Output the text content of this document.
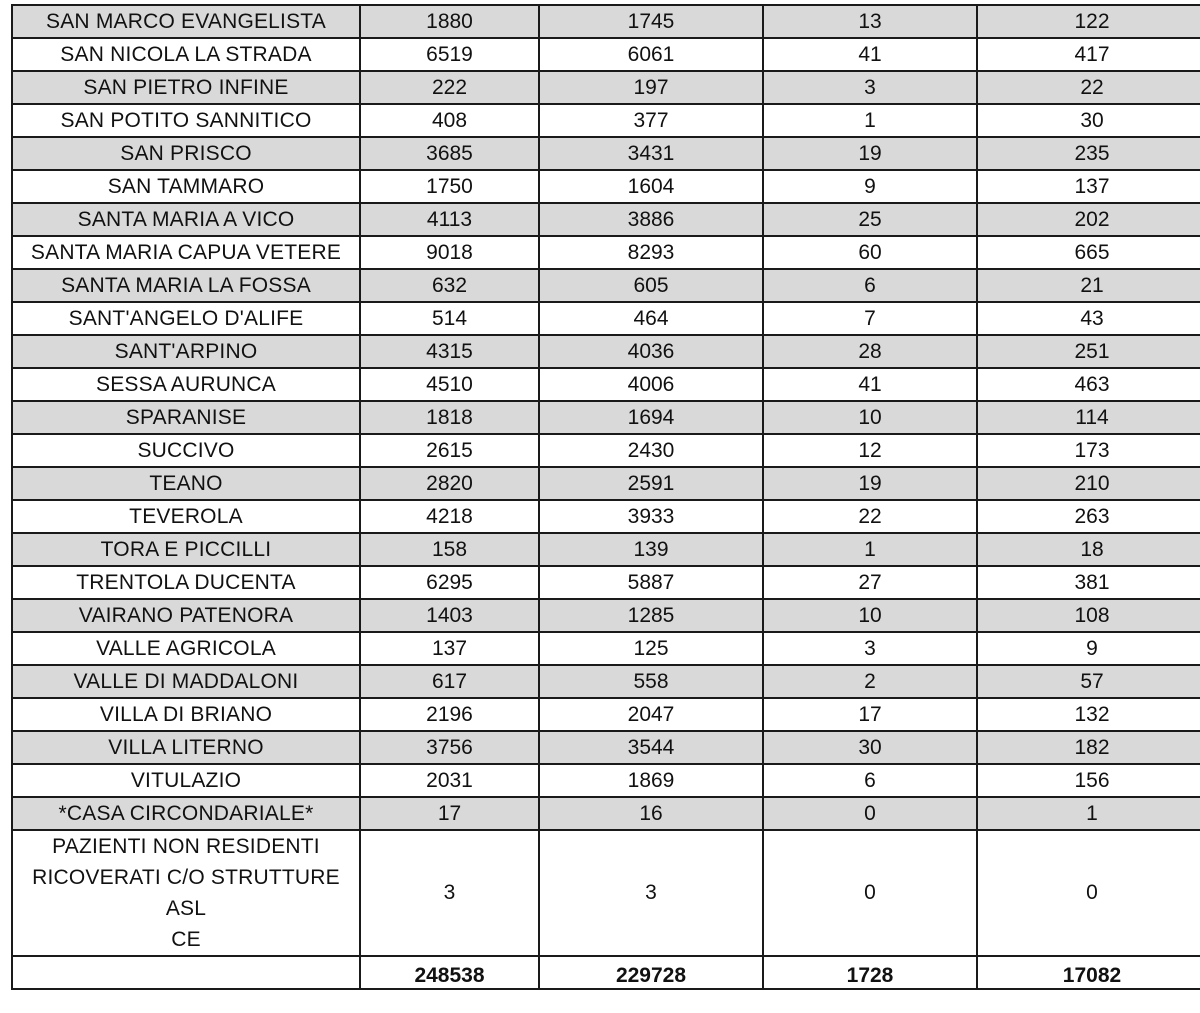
SAN MARCO EVANGELISTA	1880	1745	13	122
SAN NICOLA LA STRADA	6519	6061	41	417
SAN PIETRO INFINE	222	197	3	22
SAN POTITO SANNITICO	408	377	1	30
SAN PRISCO	3685	3431	19	235
SAN TAMMARO	1750	1604	9	137
SANTA MARIA A VICO	4113	3886	25	202
SANTA MARIA CAPUA VETERE	9018	8293	60	665
SANTA MARIA LA FOSSA	632	605	6	21
SANT'ANGELO D'ALIFE	514	464	7	43
SANT'ARPINO	4315	4036	28	251
SESSA AURUNCA	4510	4006	41	463
SPARANISE	1818	1694	10	114
SUCCIVO	2615	2430	12	173
TEANO	2820	2591	19	210
TEVEROLA	4218	3933	22	263
TORA E PICCILLI	158	139	1	18
TRENTOLA DUCENTA	6295	5887	27	381
VAIRANO PATENORA	1403	1285	10	108
VALLE AGRICOLA	137	125	3	9
VALLE DI MADDALONI	617	558	2	57
VILLA DI BRIANO	2196	2047	17	132
VILLA LITERNO	3756	3544	30	182
VITULAZIO	2031	1869	6	156
*CASA CIRCONDARIALE*	17	16	0	1

PAZIENTI NON RESIDENTI
RICOVERATI C/O STRUTTURE ASL
CE	3	3	0	0
	248538	229728	1728	17082
